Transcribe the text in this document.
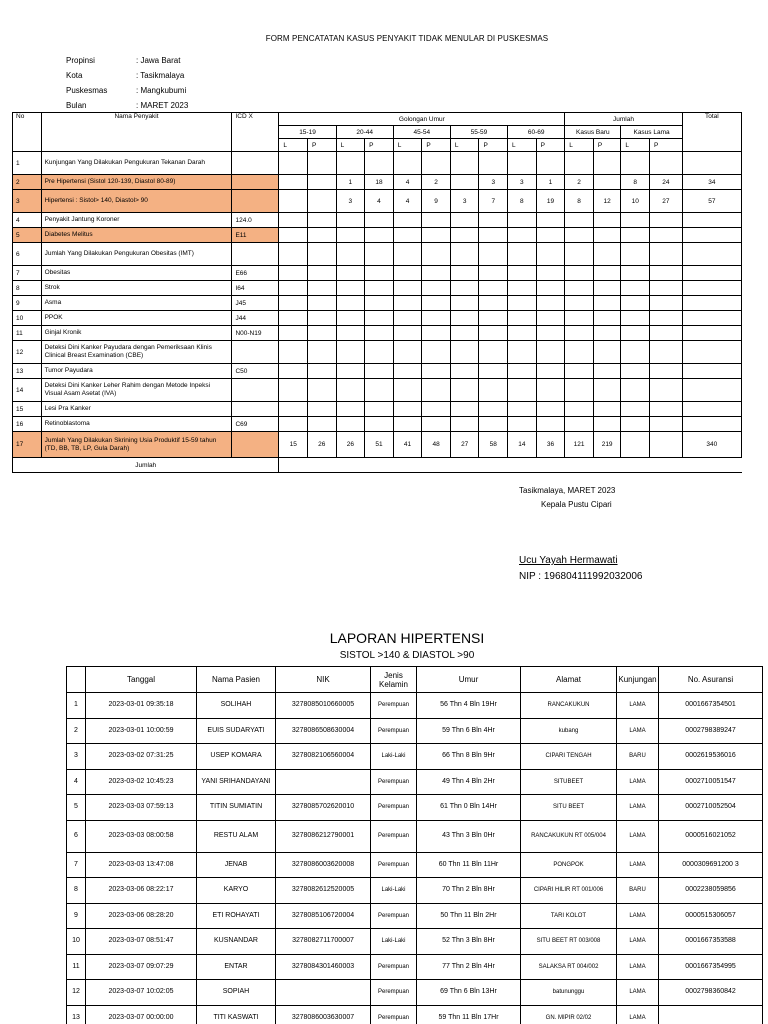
FORM PENCATATAN KASUS PENYAKIT TIDAK MENULAR DI PUSKESMAS
Propinsi	: Jawa Barat
Kota	: Tasikmalaya
Puskesmas	: Mangkubumi
Bulan	: MARET 2023
No	Nama Penyakit	ICD X	Golongan Umur										Jumlah				Total
			15-19		20-44		45-54		55-59		60-69		Kasus Baru		Kasus Lama		
			L	P	L	P	L	P	L	P	L	P	L	P	L	P	
1	Kunjungan Yang Dilakukan Pengukuran Tekanan Darah																
2	Pre Hipertensi (Sistol 120-139, Diastol 80-89)				1	18	4	2		3	3	1	2		8	24	34
3	Hipertensi : Sistol> 140, Diastol> 90				3	4	4	9	3	7	8	19	8	12	10	27	57
4	Penyakit Jantung Koroner	124.0															
5	Diabetes Melitus	E11															
6	Jumlah Yang Dilakukan Pengukuran Obesitas (IMT)																
7	Obesitas	E66															
8	Strok	I64															
9	Asma	J45															
10	PPOK	J44															
11	Ginjal Kronik	N00-N19															
12	Deteksi Dini Kanker Payudara dengan Pemeriksaan Klinis Clinical Breast Examination (CBE)																
13	Tumor Payudara	C50															
14	Deteksi Dini Kanker Leher Rahim dengan Metode Inpeksi Visual Asam Asetat (IVA)																
15	Lesi Pra Kanker																
16	Retinoblastoma	C69															
17	Jumlah Yang Dilakukan Skrining Usia Produktif 15-59 tahun (TD, BB, TB, LP, Gula Darah)		15	26	26	51	41	48	27	58	14	36	121	219			340
Jumlah																	
Tasikmalaya, MARET 2023
Kepala Pustu Cipari
Ucu Yayah Hermawati
NIP : 196804111992032006
LAPORAN HIPERTENSI
SISTOL >140 & DIASTOL >90
	Tanggal	Nama Pasien	NIK	Jenis Kelamin	Umur	Alamat	Kunjungan	No. Asuransi
1	2023-03-01 09:35:18	SOLIHAH	3278085010660005	Perempuan	56 Thn 4 Bln 19Hr	RANCAKUKUN	LAMA	0001667354501
2	2023-03-01 10:00:59	EUIS SUDARYATI	3278086508630004	Perempuan	59 Thn 6 Bln 4Hr	kubang	LAMA	0002798389247
3	2023-03-02 07:31:25	USEP KOMARA	3278082106560004	Laki-Laki	66 Thn 8 Bln 9Hr	CIPARI TENGAH	BARU	0002619536016
4	2023-03-02 10:45:23	YANI SRIHANDAYANI		Perempuan	49 Thn 4 Bln 2Hr	SITUBEET	LAMA	0002710051547
5	2023-03-03 07:59:13	TITIN SUMIATIN	3278085702620010	Perempuan	61 Thn 0 Bln 14Hr	SITU BEET	LAMA	0002710052504
6	2023-03-03 08:00:58	RESTU ALAM	3278086212790001	Perempuan	43 Thn 3 Bln 0Hr	RANCAKUKUN RT 005/004	LAMA	0000516021052
7	2023-03-03 13:47:08	JENAB	3278086003620008	Perempuan	60 Thn 11 Bln 11Hr	PONGPOK	LAMA	0000309691200 3
8	2023-03-06 08:22:17	KARYO	3278082612520005	Laki-Laki	70 Thn 2 Bln 8Hr	CIPARI HILIR RT 001/006	BARU	0002238059856
9	2023-03-06 08:28:20	ETI ROHAYATI	3278085106720004	Perempuan	50 Thn 11 Bln 2Hr	TARI KOLOT	LAMA	0000515306057
10	2023-03-07 08:51:47	KUSNANDAR	3278082711700007	Laki-Laki	52 Thn 3 Bln 8Hr	SITU BEET RT 003/008	LAMA	0001667353588
11	2023-03-07 09:07:29	ENTAR	3278084301460003	Perempuan	77 Thn 2 Bln 4Hr	SALAKSA RT 004/002	LAMA	0001667354995
12	2023-03-07 10:02:05	SOPIAH		Perempuan	69 Thn 6 Bln 13Hr	batununggu	LAMA	0002798360842
13	2023-03-07 00:00:00	TITI KASWATI	3278086003630007	Perempuan	59 Thn 11 Bln 17Hr	GN. MIPIR 02/02	LAMA	
